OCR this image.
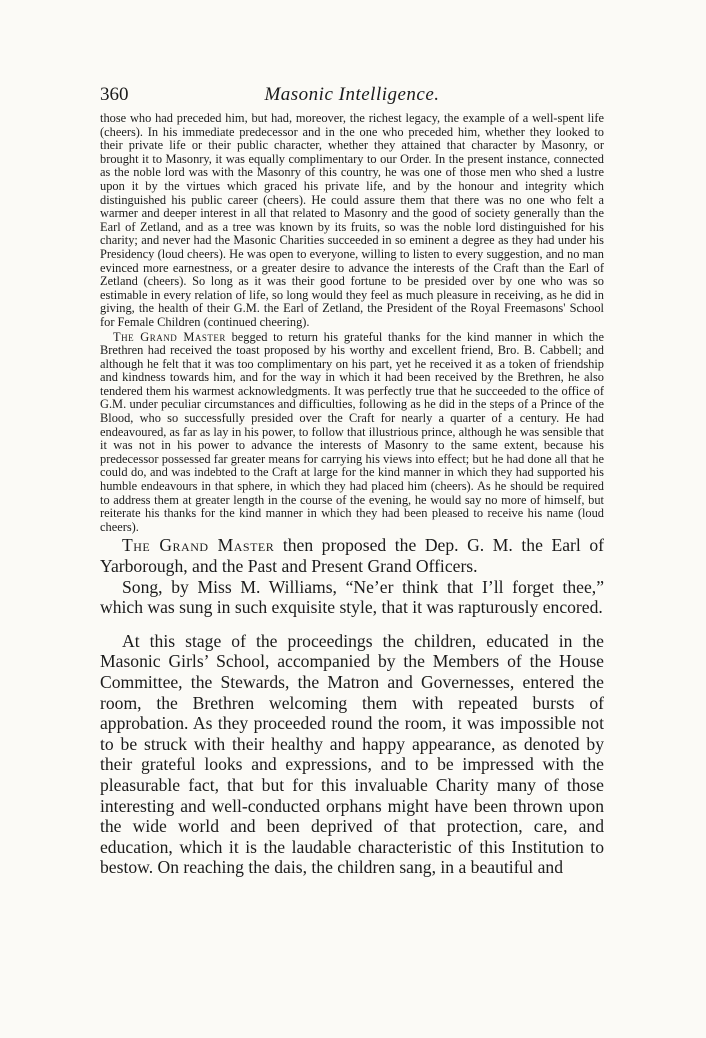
360	Masonic Intelligence.

those who had preceded him, but had, moreover, the richest legacy, the example of a well-spent life (cheers). In his immediate predecessor and in the one who preceded him, whether they looked to their private life or their public character, whether they attained that character by Masonry, or brought it to Masonry, it was equally complimentary to our Order. In the present instance, connected as the noble lord was with the Masonry of this country, he was one of those men who shed a lustre upon it by the virtues which graced his private life, and by the honour and integrity which distinguished his public career (cheers). He could assure them that there was no one who felt a warmer and deeper interest in all that related to Masonry and the good of society generally than the Earl of Zetland, and as a tree was known by its fruits, so was the noble lord distinguished for his charity; and never had the Masonic Charities succeeded in so eminent a degree as they had under his Presidency (loud cheers). He was open to everyone, willing to listen to every suggestion, and no man evinced more earnestness, or a greater desire to advance the interests of the Craft than the Earl of Zetland (cheers). So long as it was their good fortune to be presided over by one who was so estimable in every relation of life, so long would they feel as much pleasure in receiving, as he did in giving, the health of their G.M. the Earl of Zetland, the President of the Royal Freemasons' School for Female Children (continued cheering).

The Grand Master begged to return his grateful thanks for the kind manner in which the Brethren had received the toast proposed by his worthy and excellent friend, Bro. B. Cabbell; and although he felt that it was too complimentary on his part, yet he received it as a token of friendship and kindness towards him, and for the way in which it had been received by the Brethren, he also tendered them his warmest acknowledgments. It was perfectly true that he succeeded to the office of G.M. under peculiar circumstances and difficulties, following as he did in the steps of a Prince of the Blood, who so successfully presided over the Craft for nearly a quarter of a century. He had endeavoured, as far as lay in his power, to follow that illustrious prince, although he was sensible that it was not in his power to advance the interests of Masonry to the same extent, because his predecessor possessed far greater means for carrying his views into effect; but he had done all that he could do, and was indebted to the Craft at large for the kind manner in which they had supported his humble endeavours in that sphere, in which they had placed him (cheers). As he should be required to address them at greater length in the course of the evening, he would say no more of himself, but reiterate his thanks for the kind manner in which they had been pleased to receive his name (loud cheers).

The Grand Master then proposed the Dep. G. M. the Earl of Yarborough, and the Past and Present Grand Officers.

Song, by Miss M. Williams, “Ne’er think that I’ll forget thee,” which was sung in such exquisite style, that it was rapturously encored.

At this stage of the proceedings the children, educated in the Masonic Girls’ School, accompanied by the Members of the House Committee, the Stewards, the Matron and Governesses, entered the room, the Brethren welcoming them with repeated bursts of approbation. As they proceeded round the room, it was impossible not to be struck with their healthy and happy appearance, as denoted by their grateful looks and expressions, and to be impressed with the pleasurable fact, that but for this invaluable Charity many of those interesting and well-conducted orphans might have been thrown upon the wide world and been deprived of that protection, care, and education, which it is the laudable characteristic of this Institution to bestow. On reaching the dais, the children sang, in a beautiful and
